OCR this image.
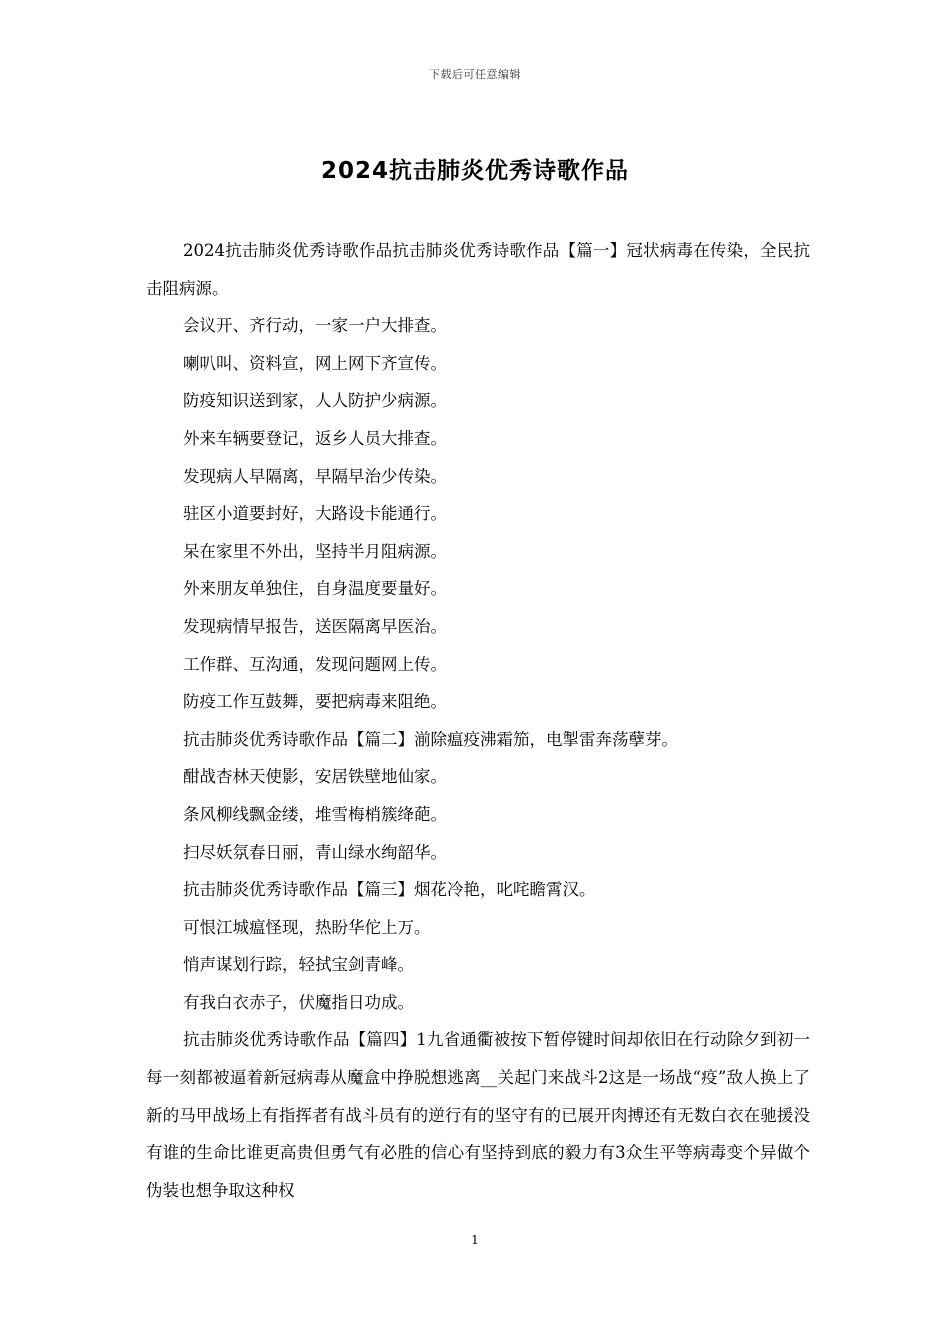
下载后可任意编辑
2024抗击肺炎优秀诗歌作品

2024抗击肺炎优秀诗歌作品抗击肺炎优秀诗歌作品【篇一】冠状病毒在传染，全民抗击阻病源。

会议开、齐行动，一家一户大排查。

喇叭叫、资料宣，网上网下齐宣传。

防疫知识送到家，人人防护少病源。

外来车辆要登记，返乡人员大排查。

发现病人早隔离，早隔早治少传染。

驻区小道要封好，大路设卡能通行。

呆在家里不外出，坚持半月阻病源。

外来朋友单独住，自身温度要量好。

发现病情早报告，送医隔离早医治。

工作群、互沟通，发现问题网上传。

防疫工作互鼓舞，要把病毒来阻绝。

抗击肺炎优秀诗歌作品【篇二】湔除瘟疫沸霜笳，电掣雷奔荡孽芽。

酣战杏林天使影，安居铁壁地仙家。

条风柳线飘金缕，堆雪梅梢簇绛葩。

扫尽妖氛春日丽，青山绿水绚韶华。

抗击肺炎优秀诗歌作品【篇三】烟花冷艳，叱咤瞻霄汉。

可恨江城瘟怪现，热盼华佗上万。

悄声谋划行踪，轻拭宝剑青峰。

有我白衣赤子，伏魔指日功成。

抗击肺炎优秀诗歌作品【篇四】1九省通衢被按下暂停键时间却依旧在行动除夕到初一每一刻都被逼着新冠病毒从魔盒中挣脱想逃离__关起门来战斗2这是一场战“疫”敌人换上了新的马甲战场上有指挥者有战斗员有的逆行有的坚守有的已展开肉搏还有无数白衣在驰援没有谁的生命比谁更高贵但勇气有必胜的信心有坚持到底的毅力有3众生平等病毒变个异做个伪装也想争取这种权

1
